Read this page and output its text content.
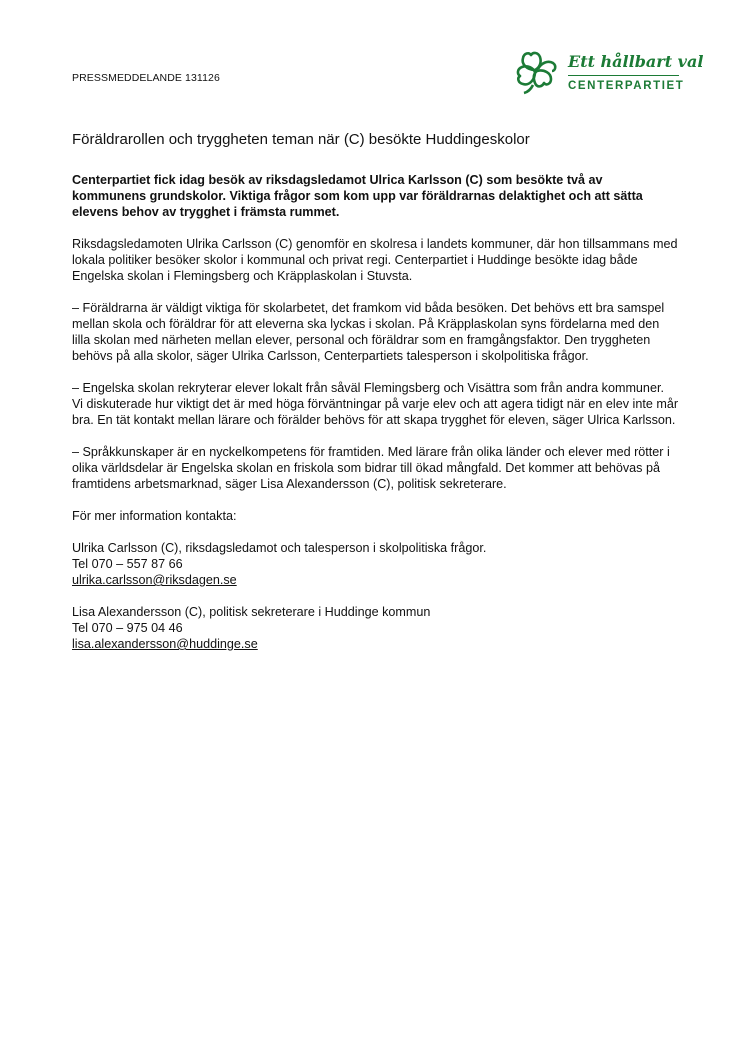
PRESSMEDDELANDE 131126
Ett hållbart val
CENTERPARTIET
Föräldrarollen och tryggheten teman när (C) besökte Huddingeskolor

Centerpartiet fick idag besök av riksdagsledamot Ulrica Karlsson (C) som besökte två av kommunens grundskolor. Viktiga frågor som kom upp var föräldrarnas delaktighet och att sätta elevens behov av trygghet i främsta rummet.

Riksdagsledamoten Ulrika Carlsson (C) genomför en skolresa i landets kommuner, där hon tillsammans med lokala politiker besöker skolor i kommunal och privat regi. Centerpartiet i Huddinge besökte idag både Engelska skolan i Flemingsberg och Kräpplaskolan i Stuvsta.

– Föräldrarna är väldigt viktiga för skolarbetet, det framkom vid båda besöken. Det behövs ett bra samspel mellan skola och föräldrar för att eleverna ska lyckas i skolan. På Kräpplaskolan syns fördelarna med den lilla skolan med närheten mellan elever, personal och föräldrar som en framgångsfaktor. Den tryggheten behövs på alla skolor, säger Ulrika Carlsson, Centerpartiets talesperson i skolpolitiska frågor.

– Engelska skolan rekryterar elever lokalt från såväl Flemingsberg och Visättra som från andra kommuner. Vi diskuterade hur viktigt det är med höga förväntningar på varje elev och att agera tidigt när en elev inte mår bra. En tät kontakt mellan lärare och förälder behövs för att skapa trygghet för eleven, säger Ulrica Karlsson.

– Språkkunskaper är en nyckelkompetens för framtiden. Med lärare från olika länder och elever med rötter i olika världsdelar är Engelska skolan en friskola som bidrar till ökad mångfald. Det kommer att behövas på framtidens arbetsmarknad, säger Lisa Alexandersson (C), politisk sekreterare.

För mer information kontakta:

Ulrika Carlsson (C), riksdagsledamot och talesperson i skolpolitiska frågor.
Tel 070 – 557 87 66
ulrika.carlsson@riksdagen.se
Lisa Alexandersson (C), politisk sekreterare i Huddinge kommun
Tel 070 – 975 04 46
lisa.alexandersson@huddinge.se
